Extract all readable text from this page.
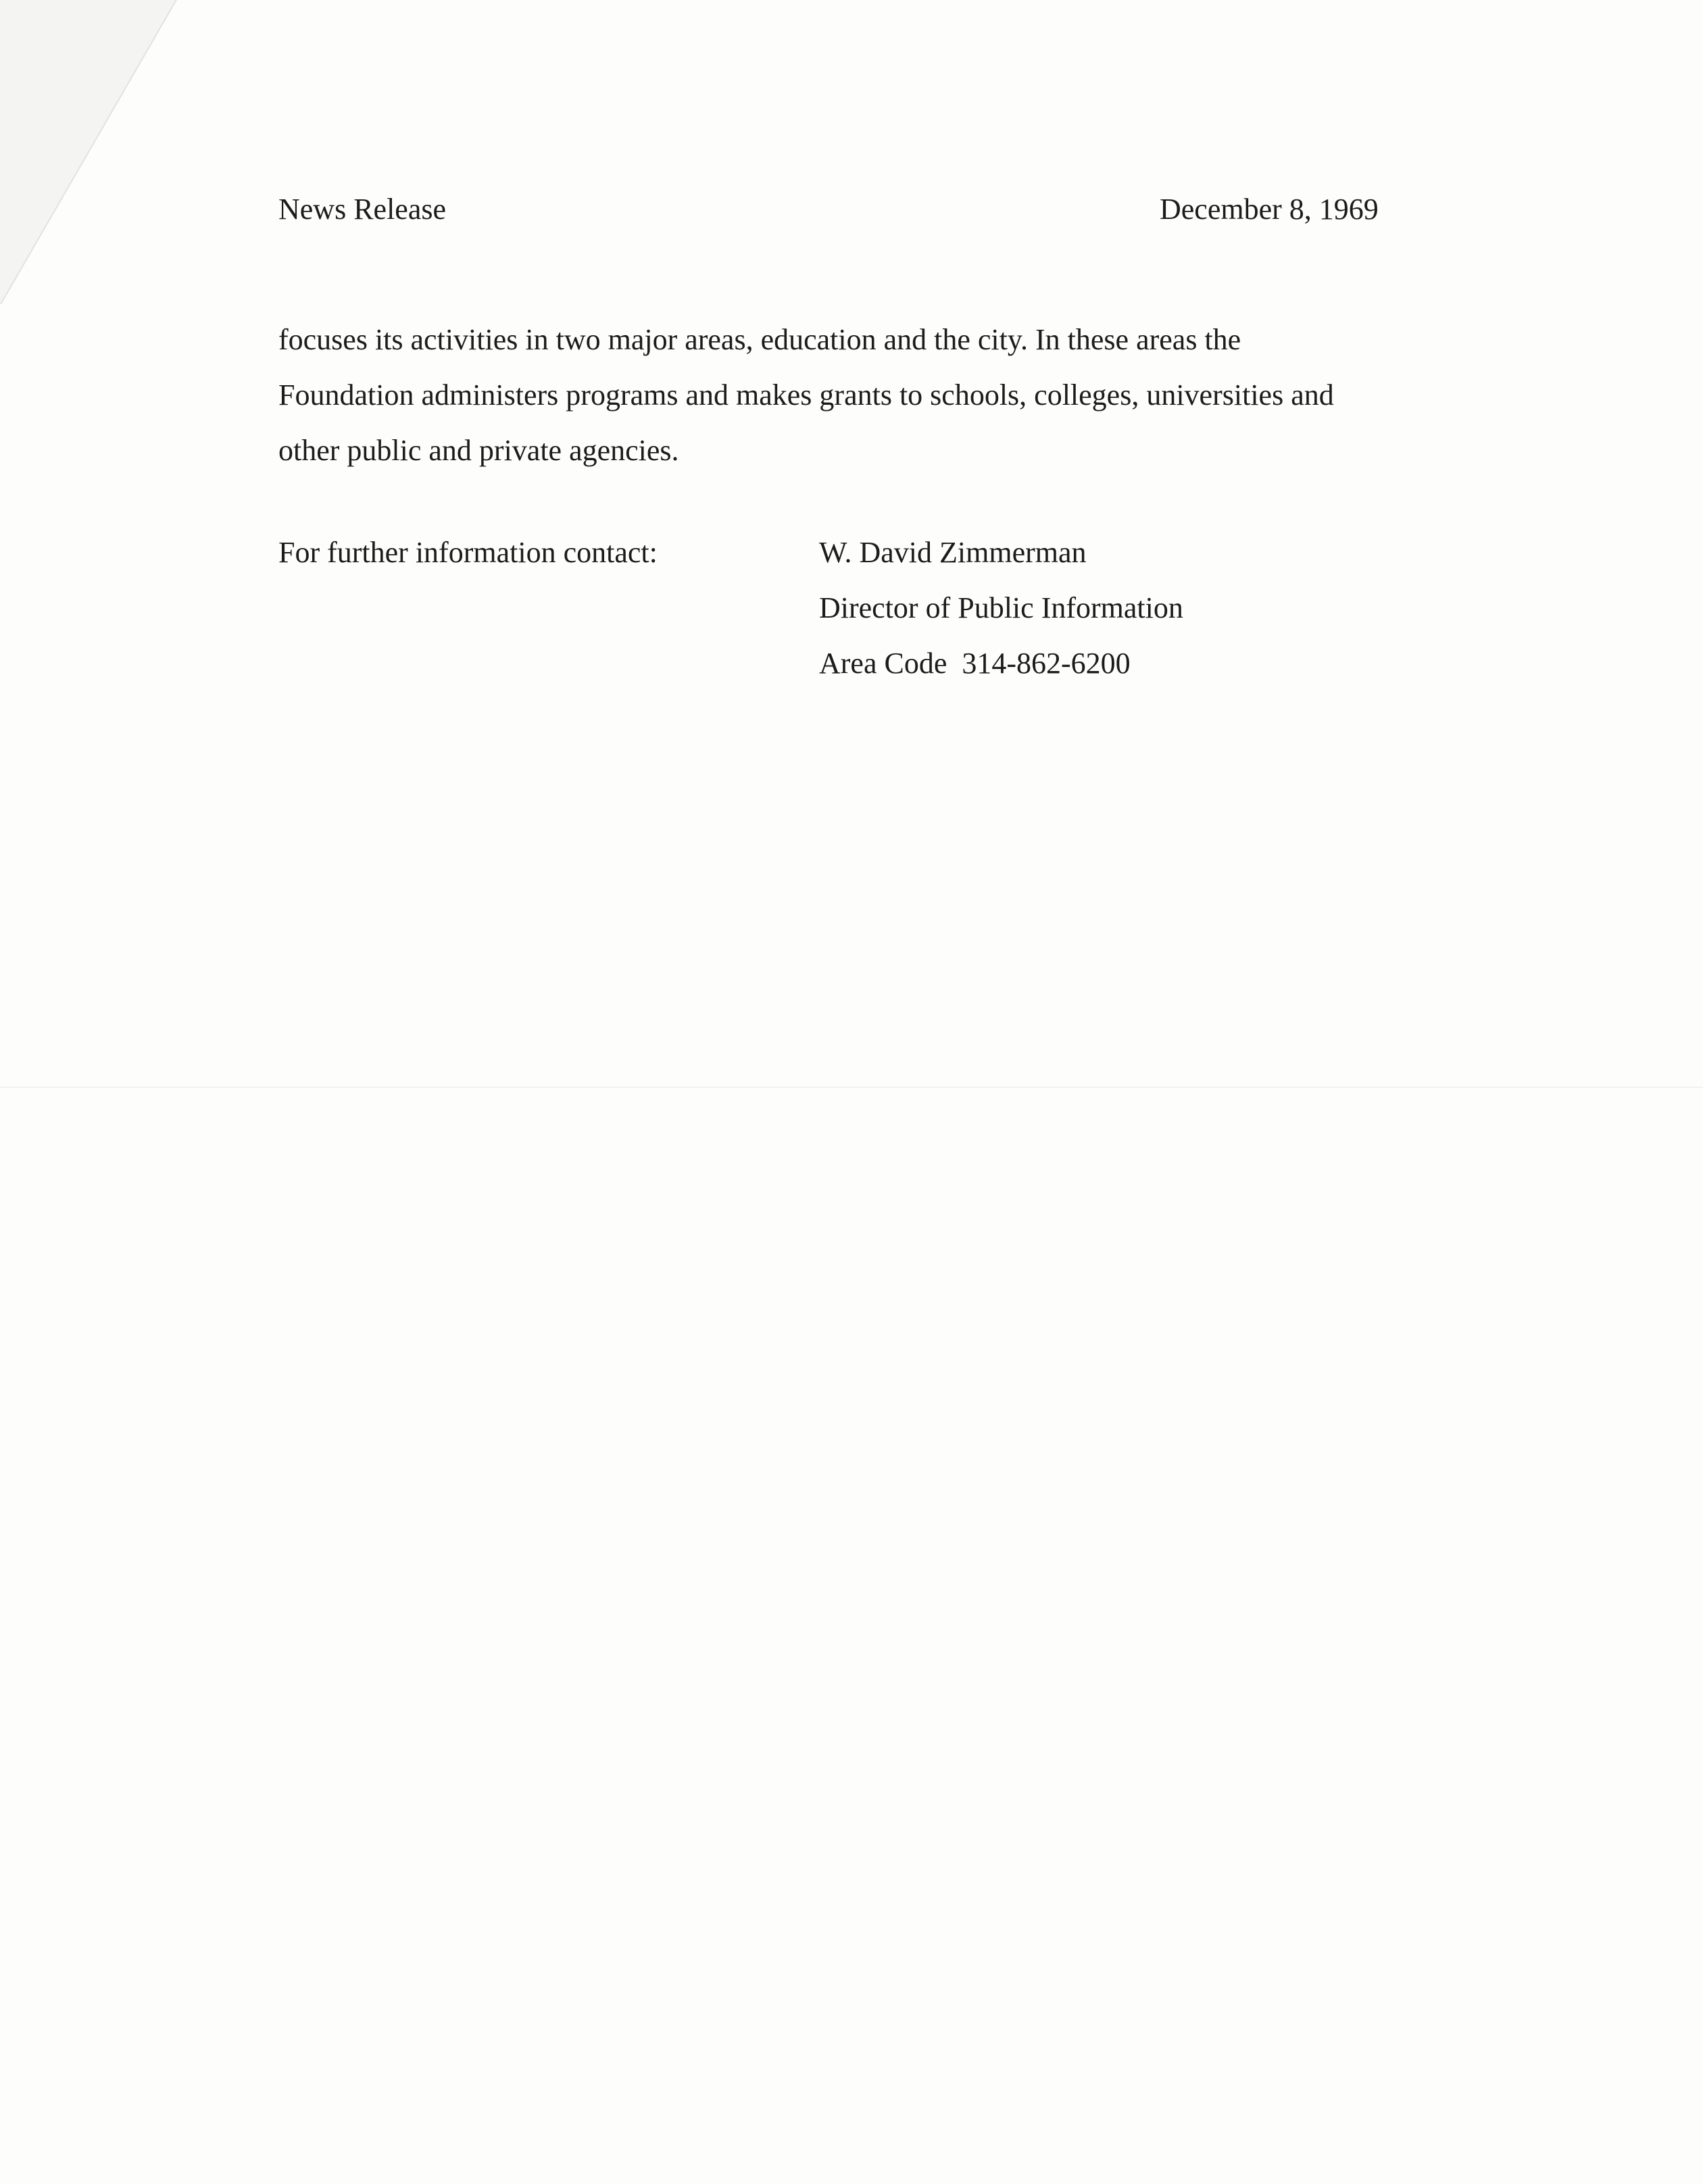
News Release	December 8, 1969
focuses its activities in two major areas, education and the city. In these areas the
Foundation administers programs and makes grants to schools, colleges, universities and
other public and private agencies.
For further information contact:	W. David Zimmerman
Director of Public Information
Area Code  314-862-6200
